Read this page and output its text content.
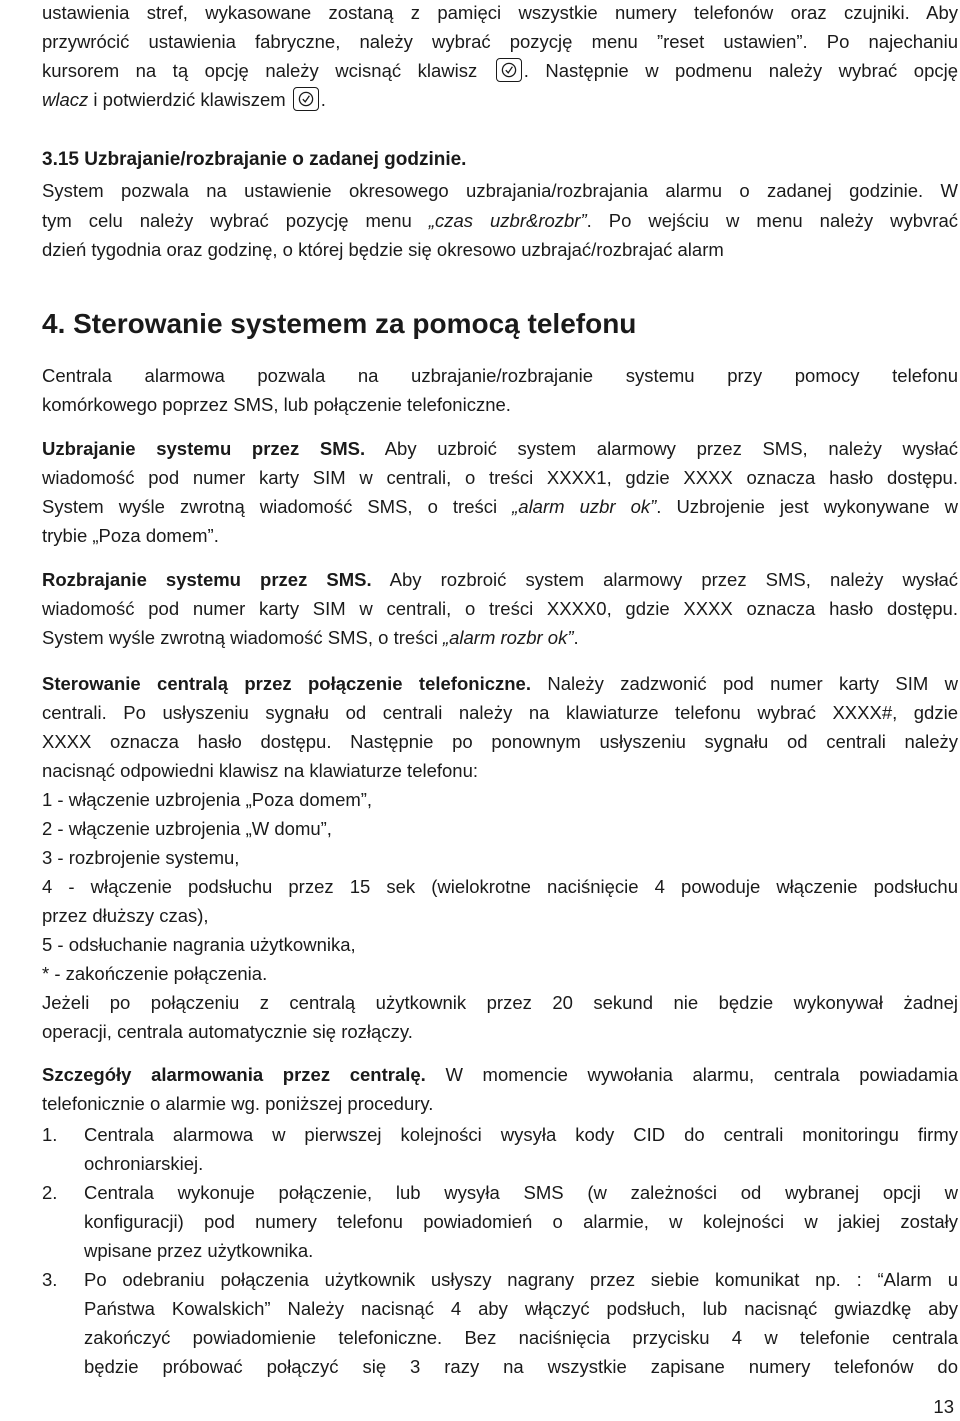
ustawienia stref, wykasowane zostaną z pamięci wszystkie numery telefonów oraz czujniki. Aby
przywrócić ustawienia fabryczne, należy wybrać pozycję menu ”reset ustawien”. Po najechaniu
kursorem na tą opcję należy wcisnąć klawisz	. Następnie w podmenu należy wybrać opcję
wlacz i potwierdzić klawiszem .
3.15 Uzbrajanie/rozbrajanie o zadanej godzinie.
System pozwala na ustawienie okresowego uzbrajania/rozbrajania alarmu o zadanej godzinie. W
tym celu należy wybrać pozycję menu „czas uzbr&rozbr”. Po wejściu w menu należy wybvrać
dzień tygodnia oraz godzinę, o której będzie się okresowo uzbrajać/rozbrajać alarm
4. Sterowanie systemem za pomocą telefonu
Centrala alarmowa pozwala na uzbrajanie/rozbrajanie systemu przy pomocy telefonu
komórkowego poprzez SMS, lub połączenie telefoniczne.
Uzbrajanie systemu przez SMS. Aby uzbroić system alarmowy przez SMS, należy wysłać
wiadomość pod numer karty SIM w centrali, o treści XXXX1, gdzie XXXX oznacza hasło dostępu.
System wyśle zwrotną wiadomość SMS, o treści „alarm uzbr ok”. Uzbrojenie jest wykonywane w
trybie „Poza domem”.
Rozbrajanie systemu przez SMS. Aby rozbroić system alarmowy przez SMS, należy wysłać
wiadomość pod numer karty SIM w centrali, o treści XXXX0, gdzie XXXX oznacza hasło dostępu.
System wyśle zwrotną wiadomość SMS, o treści „alarm rozbr ok”.
Sterowanie centralą przez połączenie telefoniczne. Należy zadzwonić pod numer karty SIM w
centrali. Po usłyszeniu sygnału od centrali należy na klawiaturze telefonu wybrać XXXX#, gdzie
XXXX oznacza hasło dostępu. Następnie po ponownym usłyszeniu sygnału od centrali należy
nacisnąć odpowiedni klawisz na klawiaturze telefonu:
1 - włączenie uzbrojenia „Poza domem”,
2 - włączenie uzbrojenia „W domu”,
3 - rozbrojenie systemu,
4 - włączenie podsłuchu przez 15 sek (wielokrotne naciśnięcie 4 powoduje włączenie podsłuchu
przez dłuższy czas),
5 - odsłuchanie nagrania użytkownika,
* - zakończenie połączenia.
Jeżeli po połączeniu z centralą użytkownik przez 20 sekund nie będzie wykonywał żadnej
operacji, centrala automatycznie się rozłączy.
Szczegóły alarmowania przez centralę. W momencie wywołania alarmu, centrala powiadamia
telefonicznie o alarmie wg. poniższej procedury.
1.	Centrala alarmowa w pierwszej kolejności wysyła kody CID do centrali monitoringu firmy
ochroniarskiej.
2.	Centrala wykonuje połączenie, lub wysyła SMS (w zależności od wybranej opcji w
konfiguracji) pod numery telefonu powiadomień o alarmie, w kolejności w jakiej zostały
wpisane przez użytkownika.
3.	Po odebraniu połączenia użytkownik usłyszy nagrany przez siebie komunikat np. : “Alarm u
Państwa Kowalskich” Należy nacisnąć 4 aby włączyć podsłuch, lub nacisnąć gwiazdkę aby
zakończyć powiadomienie telefoniczne. Bez naciśnięcia przycisku 4 w telefonie centrala
będzie próbować połączyć się 3 razy na wszystkie zapisane numery telefonów do
13
